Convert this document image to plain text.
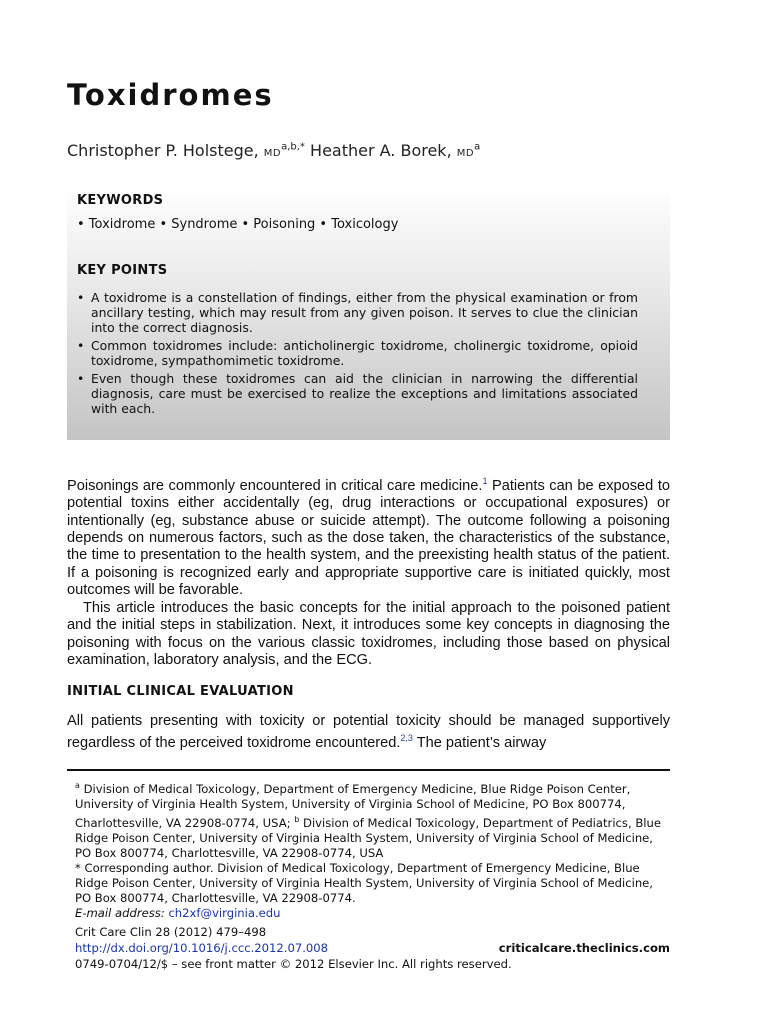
Toxidromes
Christopher P. Holstege, $MD^{a,b,*}$ Heather A. Borek, $MD^a$
KEYWORDS
• Toxidrome • Syndrome • Poisoning • Toxicology
KEY POINTS
• A toxidrome is a constellation of findings, either from the physical examination or from ancillary testing, which may result from any given poison. It serves to clue the clinician into the correct diagnosis.
• Common toxidromes include: anticholinergic toxidrome, cholinergic toxidrome, opioid toxidrome, sympathomimetic toxidrome.
• Even though these toxidromes can aid the clinician in narrowing the differential diagnosis, care must be exercised to realize the exceptions and limitations associated with each.

Poisonings are commonly encountered in critical care medicine.$^1$ Patients can be exposed to potential toxins either accidentally (eg, drug interactions or occupational exposures) or intentionally (eg, substance abuse or suicide attempt). The outcome following a poisoning depends on numerous factors, such as the dose taken, the characteristics of the substance, the time to presentation to the health system, and the preexisting health status of the patient. If a poisoning is recognized early and appropriate supportive care is initiated quickly, most outcomes will be favorable.

This article introduces the basic concepts for the initial approach to the poisoned patient and the initial steps in stabilization. Next, it introduces some key concepts in diagnosing the poisoning with focus on the various classic toxidromes, including those based on physical examination, laboratory analysis, and the ECG.

INITIAL CLINICAL EVALUATION

All patients presenting with toxicity or potential toxicity should be managed supportively regardless of the perceived toxidrome encountered.$^{2,3}$ The patient’s airway

$^a$ Division of Medical Toxicology, Department of Emergency Medicine, Blue Ridge Poison Center, University of Virginia Health System, University of Virginia School of Medicine, PO Box 800774, Charlottesville, VA 22908-0774, USA; $^b$ Division of Medical Toxicology, Department of Pediatrics, Blue Ridge Poison Center, University of Virginia Health System, University of Virginia School of Medicine, PO Box 800774, Charlottesville, VA 22908-0774, USA

* Corresponding author. Division of Medical Toxicology, Department of Emergency Medicine, Blue Ridge Poison Center, University of Virginia Health System, University of Virginia School of Medicine, PO Box 800774, Charlottesville, VA 22908-0774.

E-mail address: ch2xf@virginia.edu

Crit Care Clin 28 (2012) 479–498
http://dx.doi.org/10.1016/j.ccc.2012.07.008	criticalcare.theclinics.com
0749-0704/12/$ – see front matter © 2012 Elsevier Inc. All rights reserved.
